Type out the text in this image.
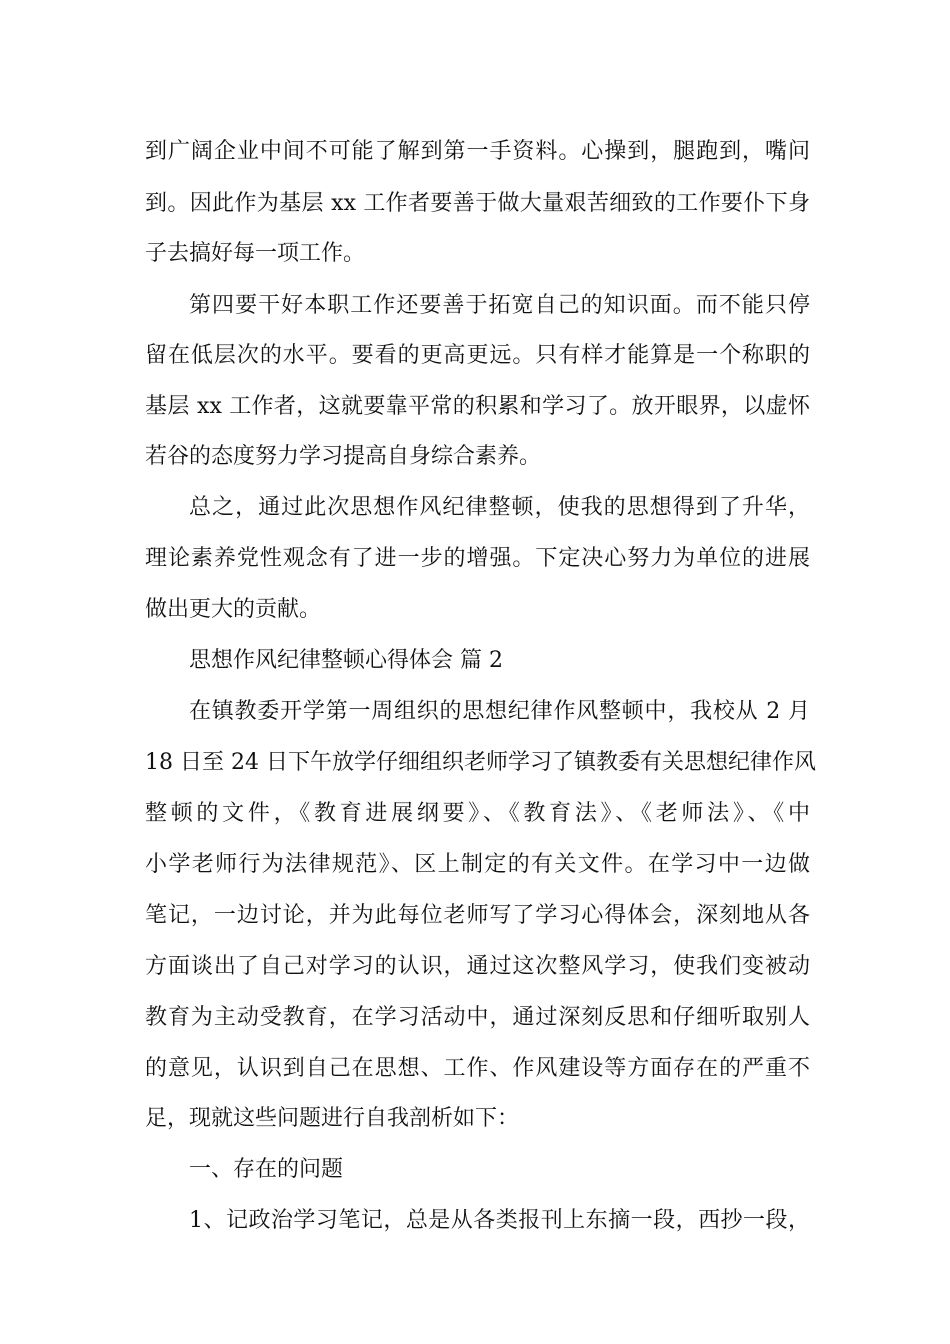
到广阔企业中间不可能了解到第一手资料。心操到，腿跑到，嘴问
到。因此作为基层 xx 工作者要善于做大量艰苦细致的工作要仆下身
子去搞好每一项工作。
第四要干好本职工作还要善于拓宽自己的知识面。而不能只停
留在低层次的水平。要看的更高更远。只有样才能算是一个称职的
基层 xx 工作者，这就要靠平常的积累和学习了。放开眼界，以虚怀
若谷的态度努力学习提高自身综合素养。
总之，通过此次思想作风纪律整顿，使我的思想得到了升华，
理论素养党性观念有了进一步的增强。下定决心努力为单位的进展
做出更大的贡献。
思想作风纪律整顿心得体会 篇 2
在镇教委开学第一周组织的思想纪律作风整顿中，我校从 2 月
18 日至 24 日下午放学仔细组织老师学习了镇教委有关思想纪律作风
整顿的文件，《教育进展纲要》、《教育法》、《老师法》、《中
小学老师行为法律规范》、区上制定的有关文件。在学习中一边做
笔记，一边讨论，并为此每位老师写了学习心得体会，深刻地从各
方面谈出了自己对学习的认识，通过这次整风学习，使我们变被动
教育为主动受教育，在学习活动中，通过深刻反思和仔细听取别人
的意见，认识到自己在思想、工作、作风建设等方面存在的严重不
足，现就这些问题进行自我剖析如下：
一、存在的问题
1、记政治学习笔记，总是从各类报刊上东摘一段，西抄一段，
